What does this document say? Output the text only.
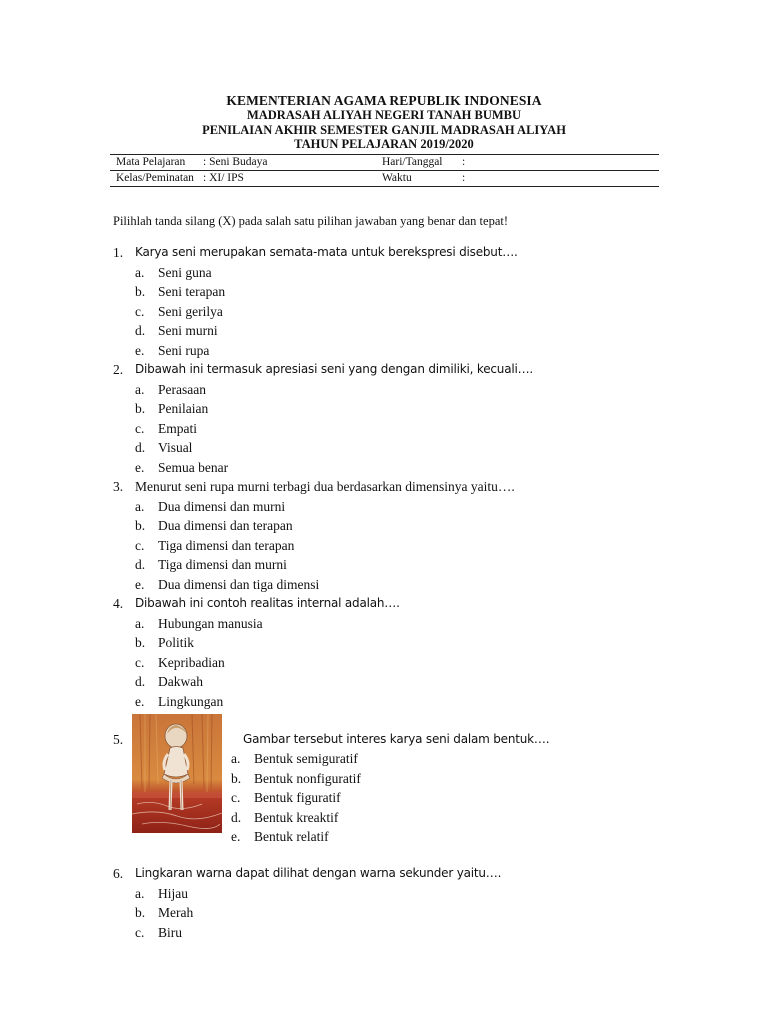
KEMENTERIAN AGAMA REPUBLIK INDONESIA
MADRASAH ALIYAH NEGERI TANAH BUMBU
PENILAIAN AKHIR SEMESTER GANJIL MADRASAH ALIYAH
TAHUN PELAJARAN 2019/2020
Mata Pelajaran : Seni Budaya	Hari/Tanggal :
Kelas/Peminatan : XI/ IPS	Waktu	:
Pilihlah tanda silang (X) pada salah satu pilihan jawaban yang benar dan tepat!
1. Karya seni merupakan semata-mata untuk berekspresi disebut….
a. Seni guna
b. Seni terapan
c. Seni gerilya
d. Seni murni
e. Seni rupa
2. Dibawah ini termasuk apresiasi seni yang dengan dimiliki, kecuali….
a. Perasaan
b. Penilaian
c. Empati
d. Visual
e. Semua benar
3. Menurut seni rupa murni terbagi dua berdasarkan dimensinya yaitu….
a. Dua dimensi dan murni
b. Dua dimensi dan terapan
c. Tiga dimensi dan terapan
d. Tiga dimensi dan murni
e. Dua dimensi dan tiga dimensi
4. Dibawah ini contoh realitas internal adalah….
a. Hubungan manusia
b. Politik
c. Kepribadian
d. Dakwah
e. Lingkungan
5.	Gambar tersebut interes karya seni dalam bentuk….
a. Bentuk semiguratif
b. Bentuk nonfiguratif
c. Bentuk figuratif
d. Bentuk kreaktif
e. Bentuk relatif
6. Lingkaran warna dapat dilihat dengan warna sekunder yaitu….
a. Hijau
b. Merah
c. Biru
